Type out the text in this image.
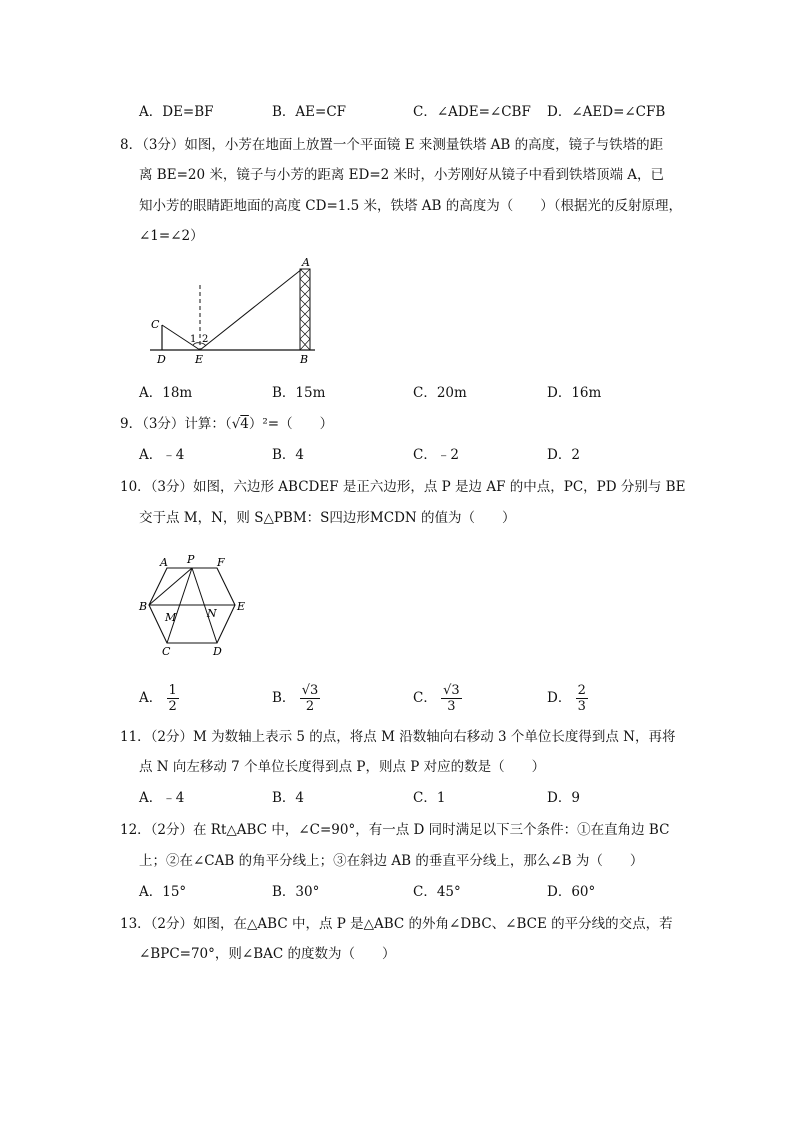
A．DE=BF	B．AE=CF	C．∠ADE=∠CBF D．∠AED=∠CFB
8．（3分）如图，小芳在地面上放置一个平面镜 E 来测量铁塔 AB 的高度，镜子与铁塔的距
离 BE=20 米，镜子与小芳的距离 ED=2 米时，小芳刚好从镜子中看到铁塔顶端 A，已
知小芳的眼睛距地面的高度 CD=1.5 米，铁塔 AB 的高度为（　　）（根据光的反射原理，
∠1=∠2）
A
B
C
D	E
1 2
A．18m	B．15m	C．20m	D．16m
9．（3分）计算：（√4）²=（　　）
A．﹣4	B．4	C．﹣2	D．2
10．（3分）如图，六边形 ABCDEF 是正六边形，点 P 是边 AF 的中点，PC，PD 分别与 BE
交于点 M，N，则 S△PBM：S四边形MCDN 的值为（　　）
A P F
B	E
M	N
C	D
A． $\frac{1}{2}$	B． $\frac{√3}{2}$	C． $\frac{√3}{3}$	D． $\frac{2}{3}$
11．（2分）M 为数轴上表示 5 的点，将点 M 沿数轴向右移动 3 个单位长度得到点 N，再将
点 N 向左移动 7 个单位长度得到点 P，则点 P 对应的数是（　　）
A．﹣4	B．4	C．1	D．9
12．（2分）在 Rt△ABC 中，∠C=90°，有一点 D 同时满足以下三个条件：①在直角边 BC
上；②在∠CAB 的角平分线上；③在斜边 AB 的垂直平分线上，那么∠B 为（　　）
A．15°	B．30°	C．45°	D．60°
13．（2分）如图，在△ABC 中，点 P 是△ABC 的外角∠DBC、∠BCE 的平分线的交点，若
∠BPC=70°，则∠BAC 的度数为（　　）
